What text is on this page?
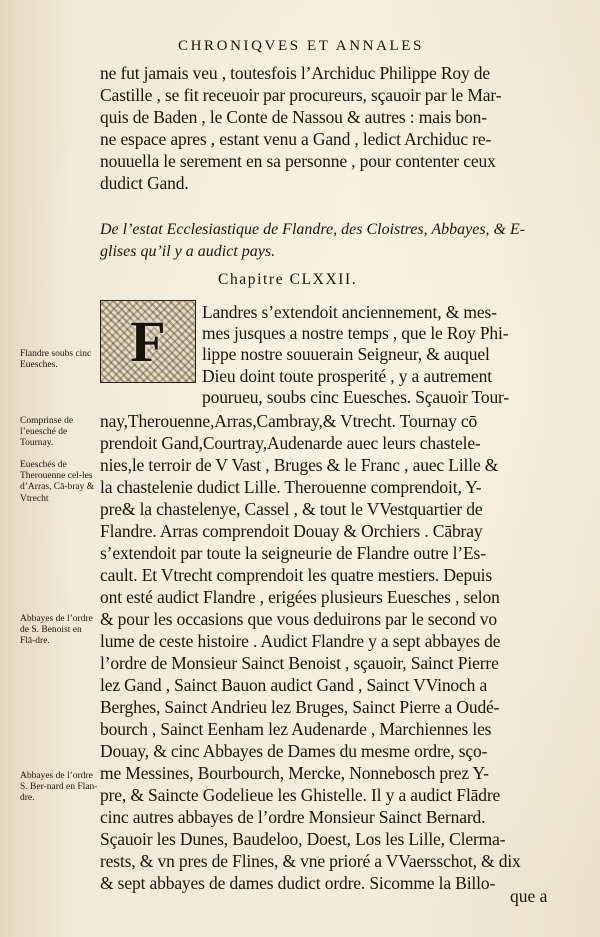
CHRONIQVES ET ANNALES
ne fut jamais veu , toutesfois l’Archiduc Philippe Roy de
Castille , se fit receuoir par procureurs, sçauoir par le Mar-
quis de Baden , le Conte de Nassou & autres : mais bon-
ne espace apres , estant venu a Gand , ledict Archiduc re-
nouuella le serement en sa personne , pour contenter ceux
dudict Gand.
De l’estat Ecclesiastique de Flandre, des Cloistres, Abbayes, & E-
glises qu’il y a audict pays.
Chapitre CLXXII.
F	Landres s’extendoit anciennement, & mes-
mes jusques a nostre temps , que le Roy Phi-
lippe nostre souuerain Seigneur, & auquel
Dieu doint toute prosperité , y a autrement
pourueu, soubs cinc Euesches. Sçauoir Tour-
nay,Therouenne,Arras,Cambray,& Vtrecht. Tournay cō
prendoit Gand,Courtray,Audenarde auec leurs chastele-
nies,le terroir de V Vast , Bruges & le Franc , auec Lille &
la chastelenie dudict Lille. Therouenne comprendoit, Y-
pre& la chastelenye, Cassel , & tout le VVestquartier de
Flandre. Arras comprendoit Douay & Orchiers . Cābray
s’extendoit par toute la seigneurie de Flandre outre l’Es-
cault. Et Vtrecht comprendoit les quatre mestiers. Depuis
ont esté audict Flandre , erigées plusieurs Euesches , selon
& pour les occasions que vous deduirons par le second vo
lume de ceste histoire . Audict Flandre y a sept abbayes de
l’ordre de Monsieur Sainct Benoist , sçauoir, Sainct Pierre
lez Gand , Sainct Bauon audict Gand , Sainct VVinoch a
Berghes, Sainct Andrieu lez Bruges, Sainct Pierre a Oudé-
bourch , Sainct Eenham lez Audenarde , Marchiennes les
Douay, & cinc Abbayes de Dames du mesme ordre, sço-
me Messines, Bourbourch, Mercke, Nonnebosch prez Y-
pre, & Saincte Godelieue les Ghistelle. Il y a audict Flādre
cinc autres abbayes de l’ordre Monsieur Sainct Bernard.
Sçauoir les Dunes, Baudeloo, Doest, Los les Lille, Clerma-
rests, & vn pres de Flines, & vne prioré a VVaersschot, & dix
& sept abbayes de dames dudict ordre. Sicomme la Billo-
que a
Flandre soubs cinc Euesches.
Comprinse de l’euesché de Tournay.
Eueschés de Therouenne cel-les d’Arras, Cā-bray & Vtrecht
Abbayes de l’ordre de S. Benoist en Flā-dre.
Abbayes de l’ordre S. Ber-nard en Flan-dre.
